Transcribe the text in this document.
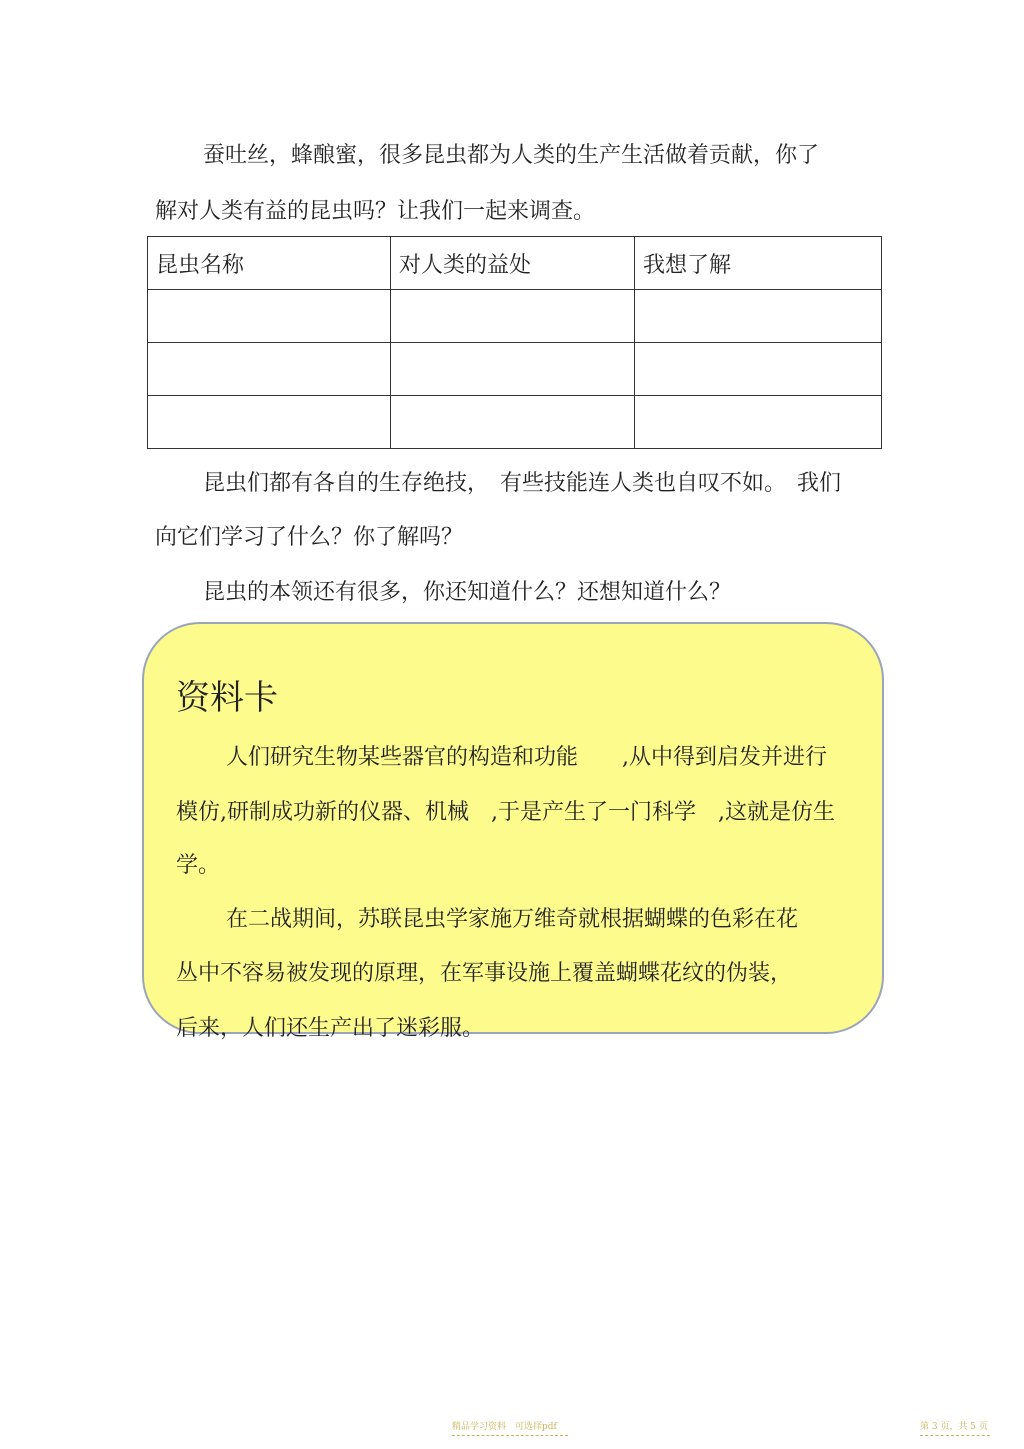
蚕吐丝，蜂酿蜜，很多昆虫都为人类的生产生活做着贡献，你了

解对人类有益的昆虫吗？让我们一起来调查。

昆虫名称	对人类的益处	我想了解

昆虫们都有各自的生存绝技，　有些技能连人类也自叹不如。　我们

向它们学习了什么？你了解吗？

昆虫的本领还有很多，你还知道什么？还想知道什么？

资料卡

人们研究生物某些器官的构造和功能　　,从中得到启发并进行

模仿,研制成功新的仪器、机械　,于是产生了一门科学　,这就是仿生

学。

在二战期间，苏联昆虫学家施万维奇就根据蝴蝶的色彩在花

丛中不容易被发现的原理，在军事设施上覆盖蝴蝶花纹的伪装，

后来，人们还生产出了迷彩服。

精品学习资料　可选择pdf	第 3 页，共 5 页
